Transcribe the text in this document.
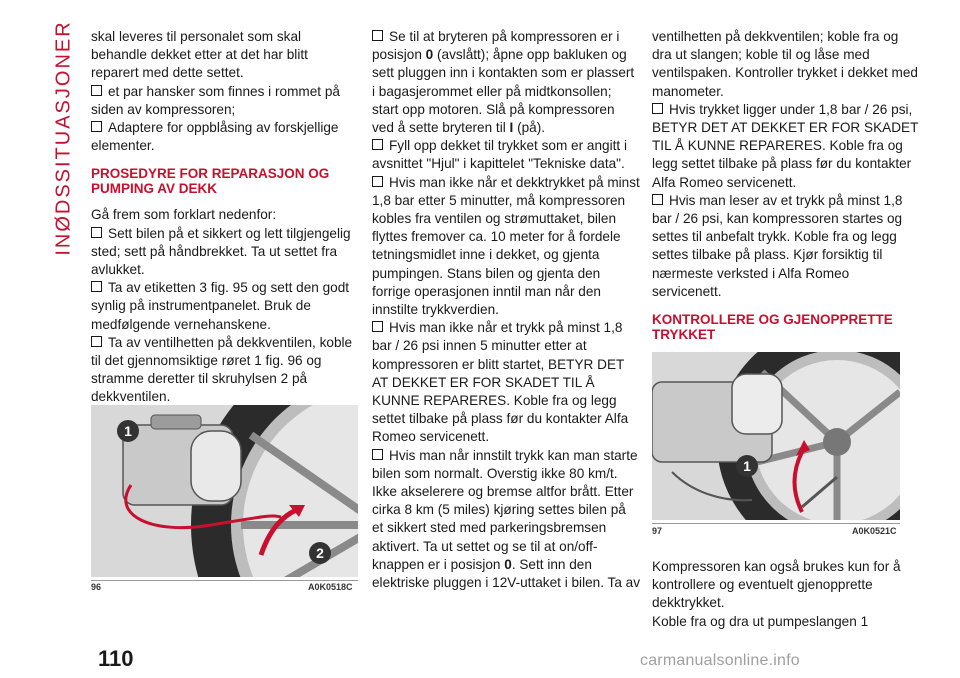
INØDSSITUASJONER skal leveres til personalet som skal behandle dekket etter at det har blitt reparert med dette settet.

et par hansker som finnes i rommet på siden av kompressoren;

Adaptere for oppblåsing av forskjellige elementer.

PROSEDYRE FOR REPARASJON OG PUMPING AV DEKK

Gå frem som forklart nedenfor:

Sett bilen på et sikkert og lett tilgjengelig sted; sett på håndbrekket. Ta ut settet fra avlukket.

Ta av etiketten 3 fig. 95 og sett den godt synlig på instrumentpanelet. Bruk de medfølgende vernehanskene.

Ta av ventilhetten på dekkventilen, koble til det gjennomsiktige røret 1 fig. 96 og stramme deretter til skruhylsen 2 på dekkventilen.

1
2
96	A0K0518C

Se til at bryteren på kompressoren er i posisjon 0 (avslått); åpne opp bakluken og sett pluggen inn i kontakten som er plassert i bagasjerommet eller på midtkonsollen; start opp motoren. Slå på kompressoren ved å sette bryteren til I (på).

Fyll opp dekket til trykket som er angitt i avsnittet "Hjul" i kapittelet "Tekniske data".

Hvis man ikke når et dekktrykket på minst 1,8 bar etter 5 minutter, må kompressoren kobles fra ventilen og strømuttaket, bilen flyttes fremover ca. 10 meter for å fordele tetningsmidlet inne i dekket, og gjenta pumpingen. Stans bilen og gjenta den forrige operasjonen inntil man når den innstilte trykkverdien.

Hvis man ikke når et trykk på minst 1,8 bar / 26 psi innen 5 minutter etter at kompressoren er blitt startet, BETYR DET AT DEKKET ER FOR SKADET TIL Å KUNNE REPARERES. Koble fra og legg settet tilbake på plass før du kontakter Alfa Romeo servicenett.

Hvis man når innstilt trykk kan man starte bilen som normalt. Overstig ikke 80 km/t. Ikke akselerere og bremse altfor brått. Etter cirka 8 km (5 miles) kjøring settes bilen på et sikkert sted med parkeringsbremsen aktivert. Ta ut settet og se til at on/off-knappen er i posisjon 0. Sett inn den elektriske pluggen i 12V-uttaket i bilen. Ta av

ventilhetten på dekkventilen; koble fra og dra ut slangen; koble til og låse med ventilspaken. Kontroller trykket i dekket med manometer.

Hvis trykket ligger under 1,8 bar / 26 psi, BETYR DET AT DEKKET ER FOR SKADET TIL Å KUNNE REPARERES. Koble fra og legg settet tilbake på plass før du kontakter Alfa Romeo servicenett.

Hvis man leser av et trykk på minst 1,8 bar / 26 psi, kan kompressoren startes og settes til anbefalt trykk. Koble fra og legg settes tilbake på plass. Kjør forsiktig til nærmeste verksted i Alfa Romeo servicenett.

KONTROLLERE OG GJENOPPRETTE TRYKKET
1
97	A0K0521C

Kompressoren kan også brukes kun for å kontrollere og eventuelt gjenopprette dekktrykket.

Koble fra og dra ut pumpeslangen 1

110	carmanualsonline.info
